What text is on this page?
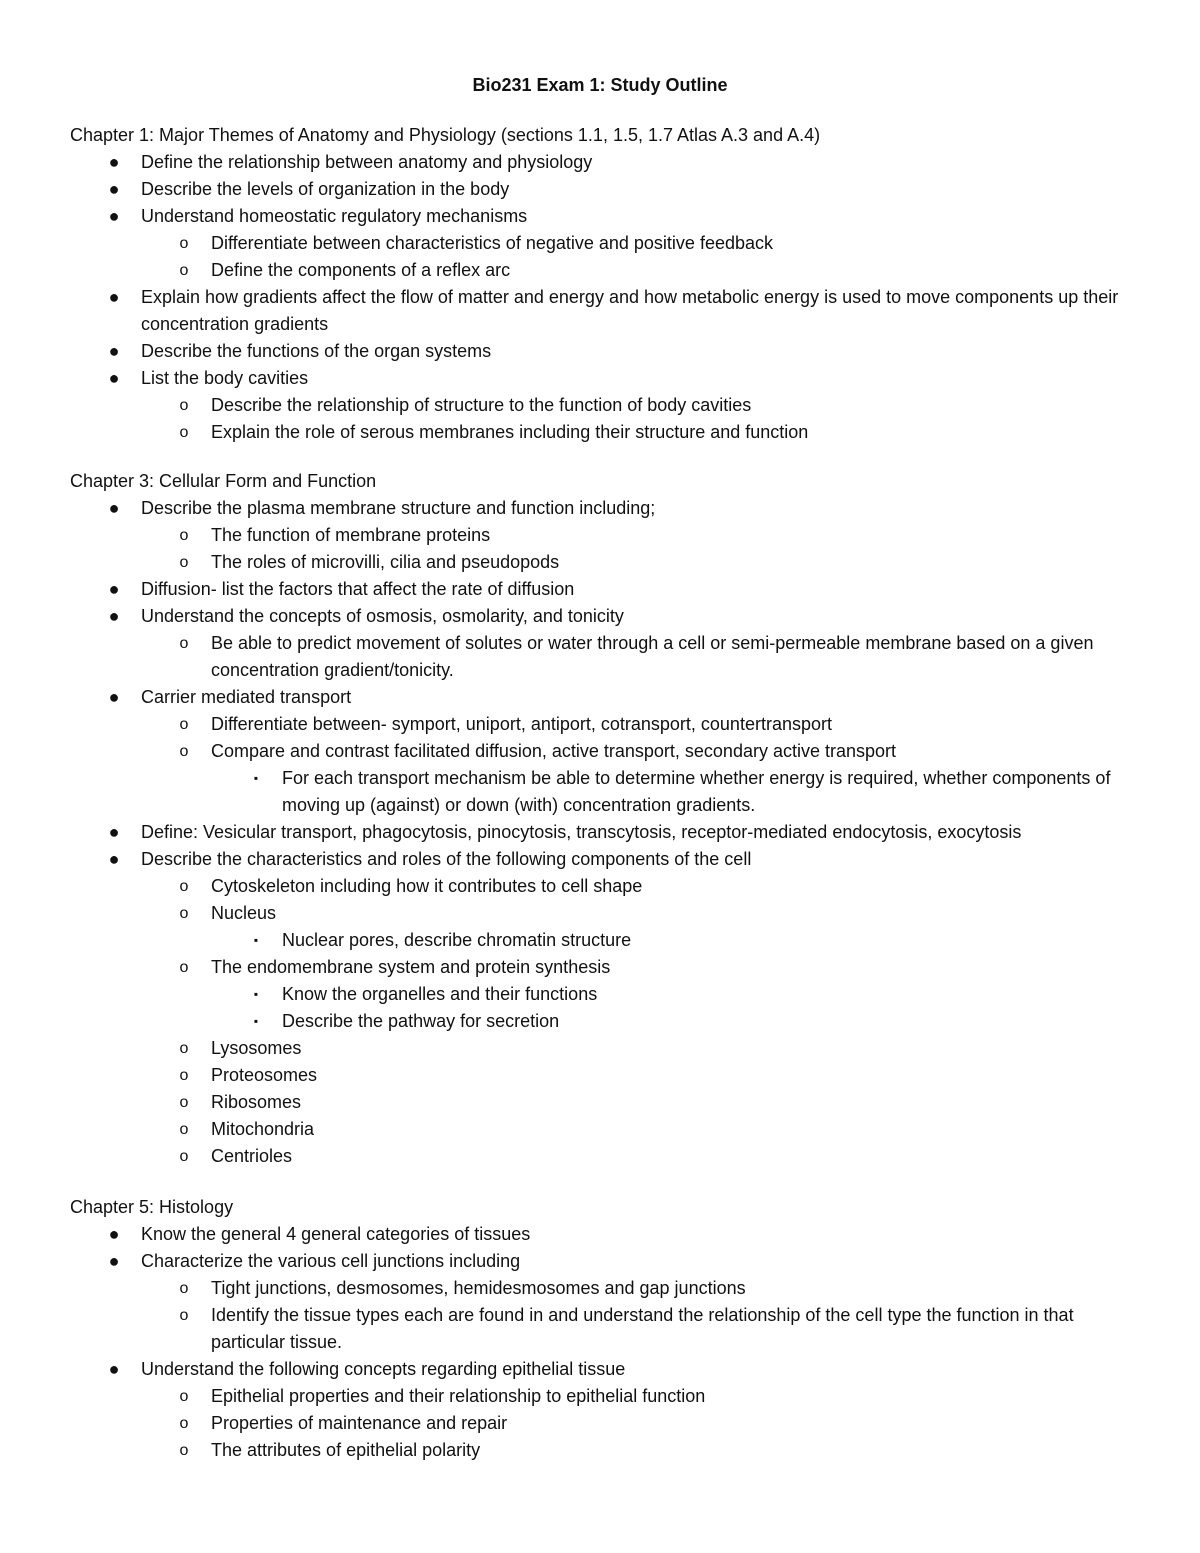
Bio231 Exam 1: Study Outline
Chapter 1: Major Themes of Anatomy and Physiology (sections 1.1, 1.5, 1.7 Atlas A.3 and A.4)
● Define the relationship between anatomy and physiology
● Describe the levels of organization in the body
● Understand homeostatic regulatory mechanisms
o	Differentiate between characteristics of negative and positive feedback
o	Define the components of a reflex arc
● Explain how gradients affect the flow of matter and energy and how metabolic energy is used to move components up their concentration gradients
● Describe the functions of the organ systems
● List the body cavities
o	Describe the relationship of structure to the function of body cavities
o	Explain the role of serous membranes including their structure and function
Chapter 3: Cellular Form and Function
● Describe the plasma membrane structure and function including;
o	The function of membrane proteins
o	The roles of microvilli, cilia and pseudopods
● Diffusion- list the factors that affect the rate of diffusion
● Understand the concepts of osmosis, osmolarity, and tonicity
o	Be able to predict movement of solutes or water through a cell or semi-permeable membrane based on a given concentration gradient/tonicity.
● Carrier mediated transport
o	Differentiate between- symport, uniport, antiport, cotransport, countertransport
o	Compare and contrast facilitated diffusion, active transport, secondary active transport
▪	For each transport mechanism be able to determine whether energy is required, whether components of moving up (against) or down (with) concentration gradients.
● Define: Vesicular transport, phagocytosis, pinocytosis, transcytosis, receptor-mediated endocytosis, exocytosis
● Describe the characteristics and roles of the following components of the cell
o	Cytoskeleton including how it contributes to cell shape
o	Nucleus
▪	Nuclear pores, describe chromatin structure
o	The endomembrane system and protein synthesis
▪	Know the organelles and their functions
▪	Describe the pathway for secretion
o	Lysosomes
o	Proteosomes
o	Ribosomes
o	Mitochondria
o	Centrioles
Chapter 5: Histology
● Know the general 4 general categories of tissues
● Characterize the various cell junctions including
o	Tight junctions, desmosomes, hemidesmosomes and gap junctions
o	Identify the tissue types each are found in and understand the relationship of the cell type the function in that particular tissue.
● Understand the following concepts regarding epithelial tissue
o	Epithelial properties and their relationship to epithelial function
o	Properties of maintenance and repair
o	The attributes of epithelial polarity
